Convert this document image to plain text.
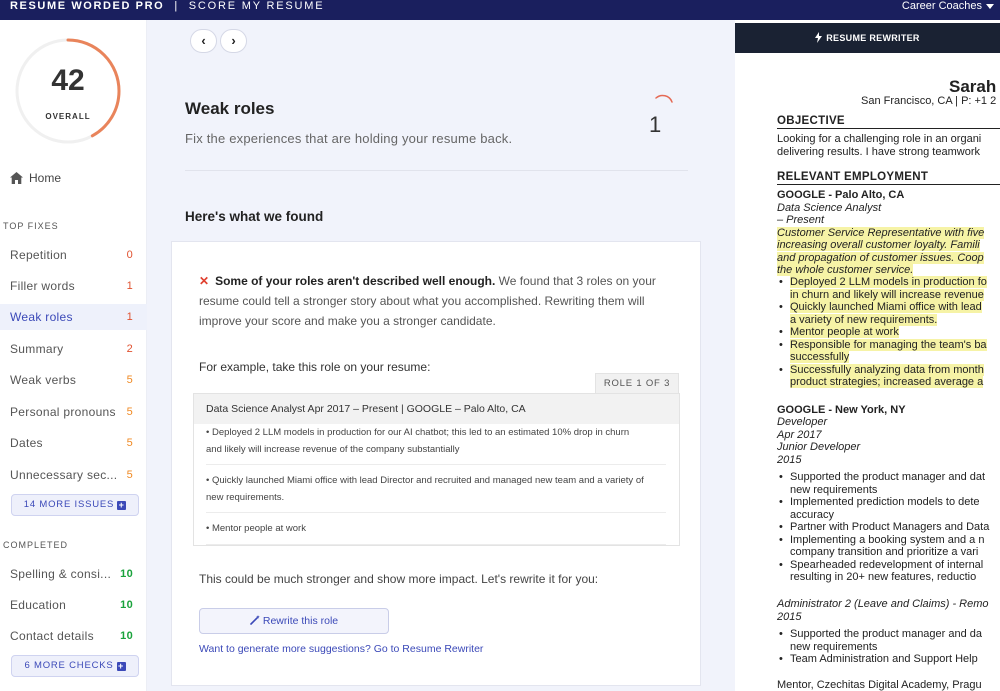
RESUME WORDED PRO | SCORE MY RESUME	Career Coaches
42
OVERALL
Home
TOP FIXES
Repetition	0
Filler words	1
Weak roles	1
Summary	2
Weak verbs	5
Personal pronouns 5
Dates	5
Unnecessary sec... 5
14 MORE ISSUES +
COMPLETED
Spelling & consi... 10
Education	10
Contact details 10
6 MORE CHECKS +
‹	›
Weak roles
Fix the experiences that are holding your resume back.
1
Here's what we found
✕ Some of your roles aren't described well enough. We found that 3 roles on your resume could tell a stronger story about what you accomplished. Rewriting them will improve your score and make you a stronger candidate.
For example, take this role on your resume:
ROLE 1 OF 3
Data Science Analyst Apr 2017 – Present | GOOGLE – Palo Alto, CA
• Deployed 2 LLM models in production for our AI chatbot; this led to an estimated 10% drop in churn and likely will increase revenue of the company substantially
• Quickly launched Miami office with lead Director and recruited and managed new team and a variety of new requirements.
• Mentor people at work
This could be much stronger and show more impact. Let's rewrite it for you:
Rewrite this role
Want to generate more suggestions? Go to Resume Rewriter
RESUME REWRITER
Sarah
San Francisco, CA | P: +1 2
OBJECTIVE
Looking for a challenging role in an organi
delivering results. I have strong teamwork
RELEVANT EMPLOYMENT
GOOGLE - Palo Alto, CA
Data Science Analyst
– Present
Customer Service Representative with five
increasing overall customer loyalty. Famili
and propagation of customer issues. Coop
the whole customer service.
• Deployed 2 LLM models in production fo
in churn and likely will increase revenue
• Quickly launched Miami office with lead
a variety of new requirements.
• Mentor people at work
• Responsible for managing the team's ba
successfully
• Successfully analyzing data from month
product strategies; increased average a
GOOGLE - New York, NY
Developer
Apr 2017
Junior Developer
2015
• Supported the product manager and dat
new requirements
• Implemented prediction models to dete
accuracy
• Partner with Product Managers and Data
• Implementing a booking system and a n
company transition and prioritize a vari
• Spearheaded redevelopment of internal
resulting in 20+ new features, reductio
Administrator 2 (Leave and Claims) - Remo
2015
• Supported the product manager and da
new requirements
• Team Administration and Support Help
Mentor, Czechitas Digital Academy, Pragu
